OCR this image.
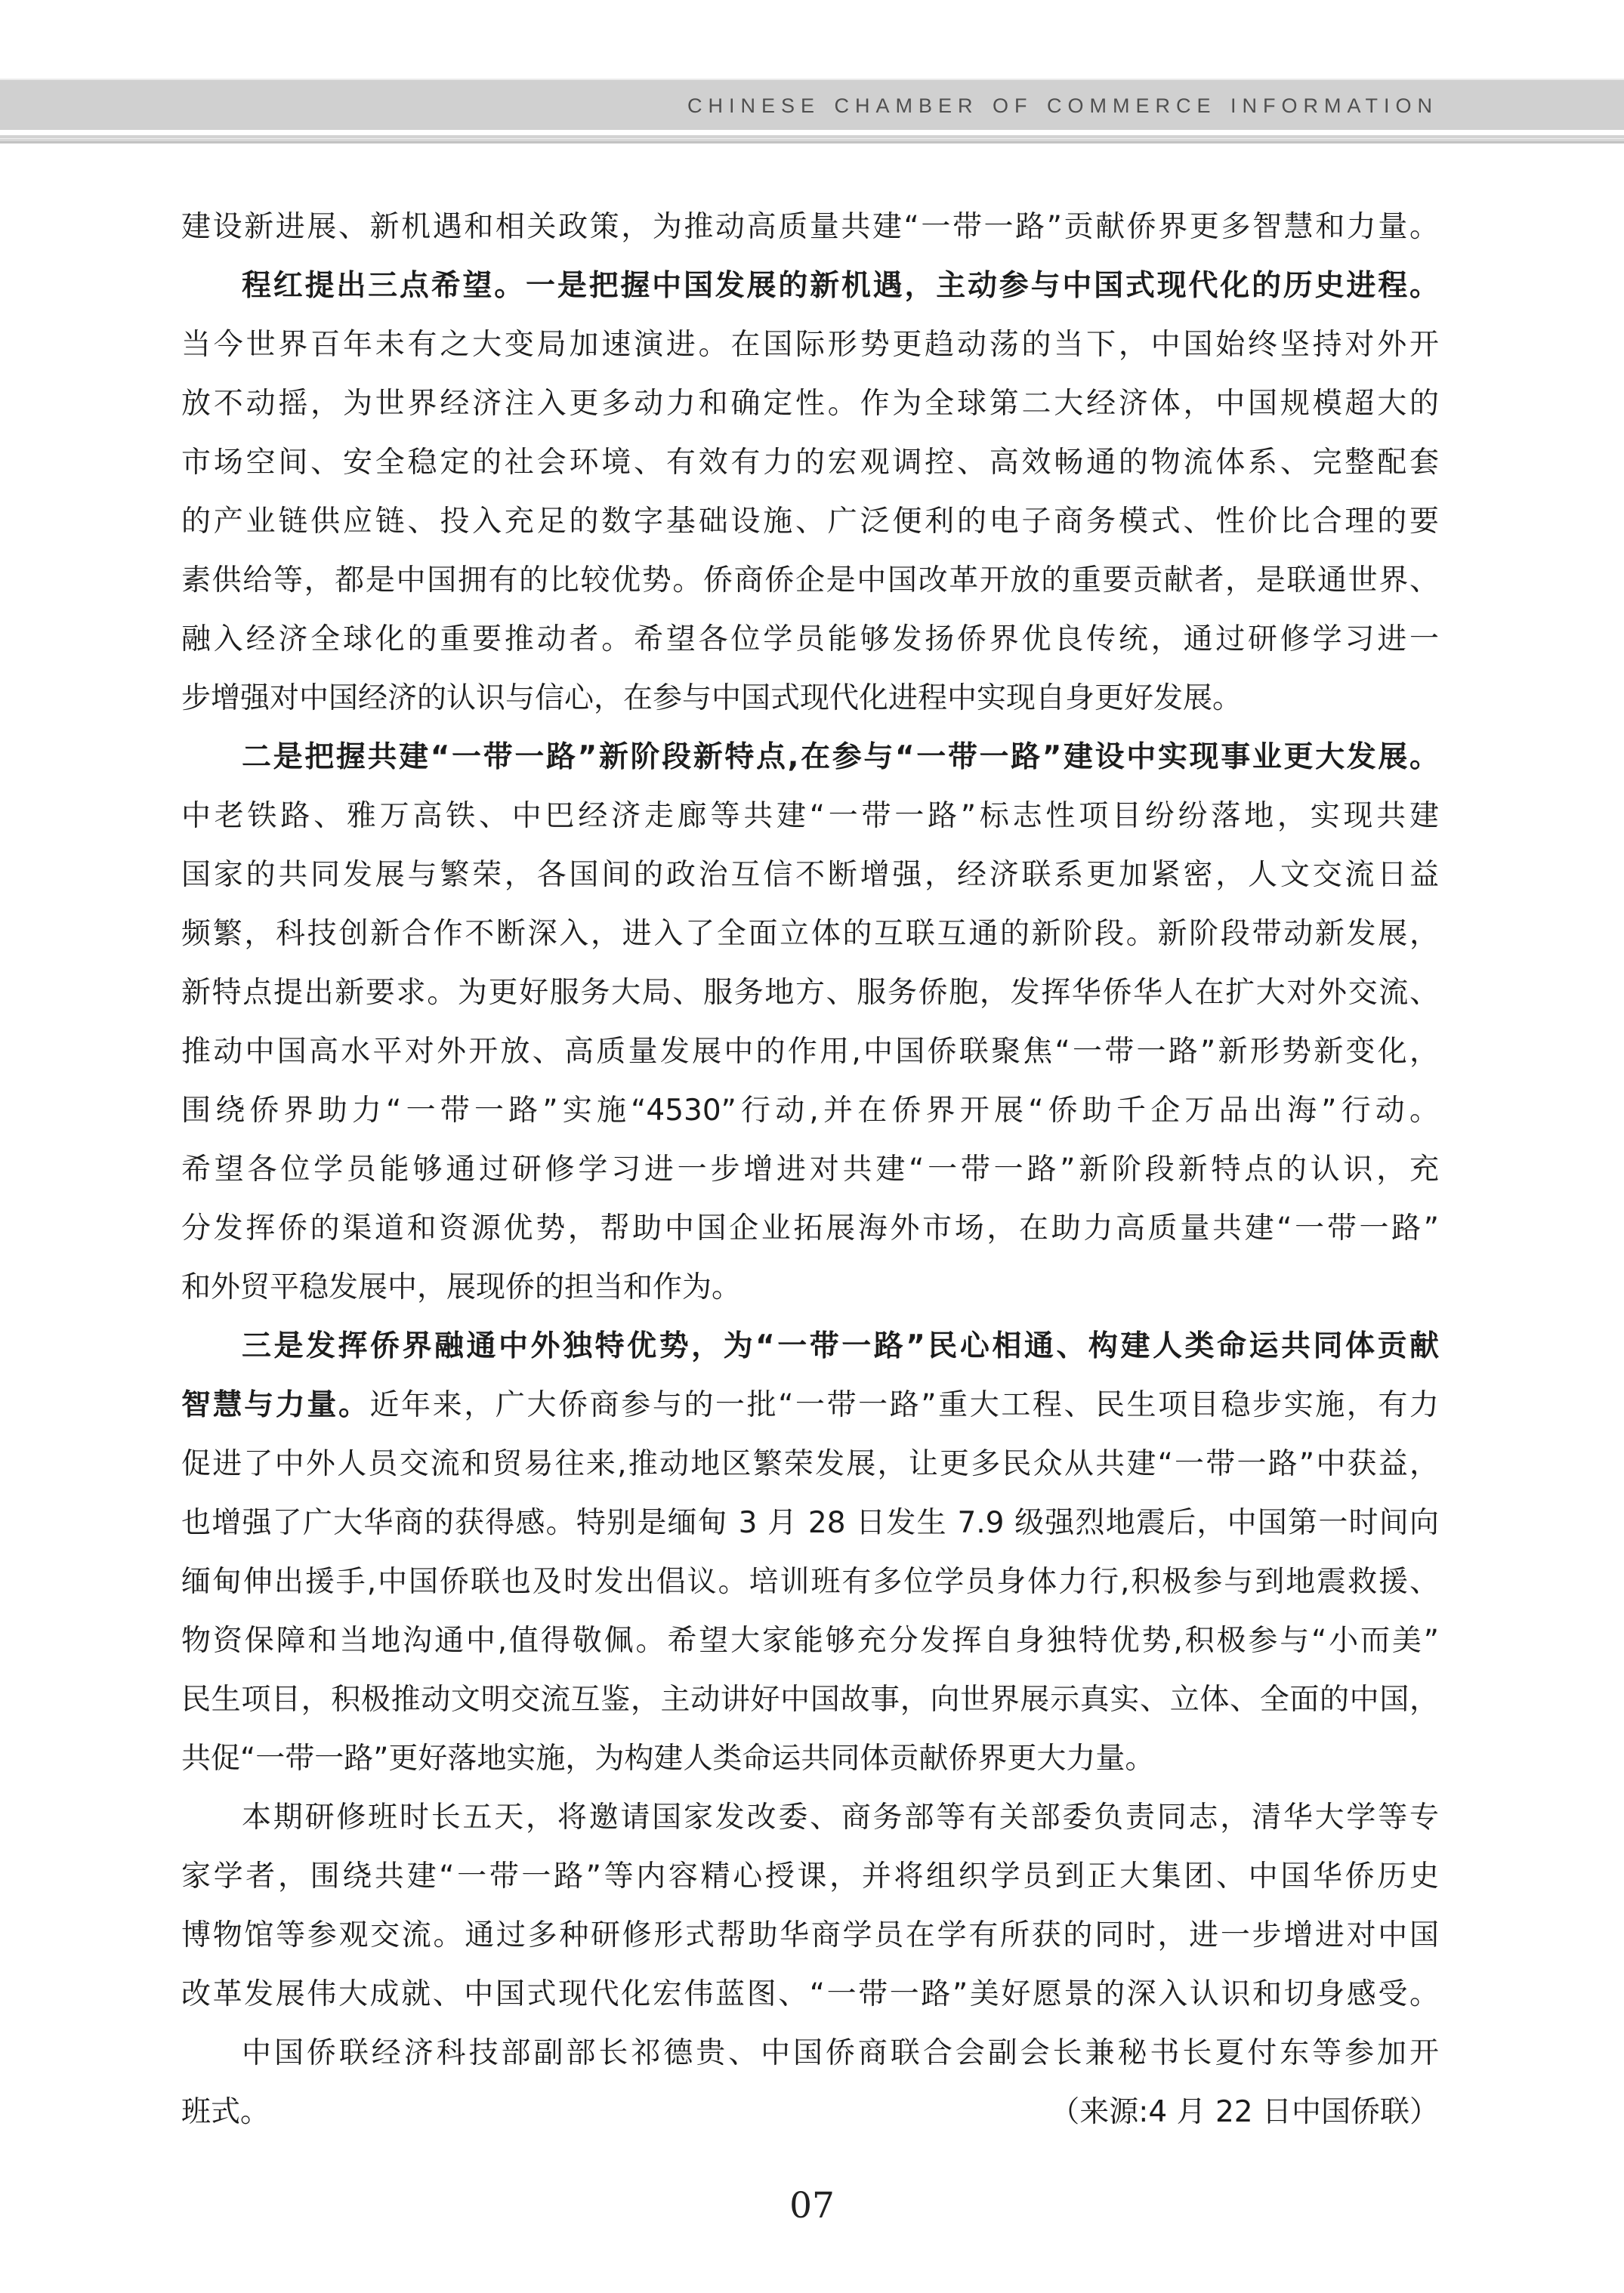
CHINESE CHAMBER OF COMMERCE INFORMATION
建设新进展、新机遇和相关政策，为推动高质量共建“一带一路”贡献侨界更多智慧和力量。
程红提出三点希望。一是把握中国发展的新机遇，主动参与中国式现代化的历史进程。
当今世界百年未有之大变局加速演进。在国际形势更趋动荡的当下，中国始终坚持对外开
放不动摇，为世界经济注入更多动力和确定性。作为全球第二大经济体，中国规模超大的
市场空间、安全稳定的社会环境、有效有力的宏观调控、高效畅通的物流体系、完整配套
的产业链供应链、投入充足的数字基础设施、广泛便利的电子商务模式、性价比合理的要
素供给等，都是中国拥有的比较优势。侨商侨企是中国改革开放的重要贡献者，是联通世界、
融入经济全球化的重要推动者。希望各位学员能够发扬侨界优良传统，通过研修学习进一
步增强对中国经济的认识与信心，在参与中国式现代化进程中实现自身更好发展。
二是把握共建“一带一路”新阶段新特点,在参与“一带一路”建设中实现事业更大发展。
中老铁路、雅万高铁、中巴经济走廊等共建“一带一路”标志性项目纷纷落地，实现共建
国家的共同发展与繁荣，各国间的政治互信不断增强，经济联系更加紧密，人文交流日益
频繁，科技创新合作不断深入，进入了全面立体的互联互通的新阶段。新阶段带动新发展，
新特点提出新要求。为更好服务大局、服务地方、服务侨胞，发挥华侨华人在扩大对外交流、
推动中国高水平对外开放、高质量发展中的作用,中国侨联聚焦“一带一路”新形势新变化，
围绕侨界助力“一带一路”实施“4530”行动,并在侨界开展“侨助千企万品出海”行动。
希望各位学员能够通过研修学习进一步增进对共建“一带一路”新阶段新特点的认识，充
分发挥侨的渠道和资源优势，帮助中国企业拓展海外市场，在助力高质量共建“一带一路”
和外贸平稳发展中，展现侨的担当和作为。
三是发挥侨界融通中外独特优势，为“一带一路”民心相通、构建人类命运共同体贡献
智慧与力量。近年来，广大侨商参与的一批“一带一路”重大工程、民生项目稳步实施，有力
促进了中外人员交流和贸易往来,推动地区繁荣发展，让更多民众从共建“一带一路”中获益，
也增强了广大华商的获得感。特别是缅甸 3 月 28 日发生 7.9 级强烈地震后，中国第一时间向
缅甸伸出援手,中国侨联也及时发出倡议。培训班有多位学员身体力行,积极参与到地震救援、
物资保障和当地沟通中,值得敬佩。希望大家能够充分发挥自身独特优势,积极参与“小而美”
民生项目，积极推动文明交流互鉴，主动讲好中国故事，向世界展示真实、立体、全面的中国，
共促“一带一路”更好落地实施，为构建人类命运共同体贡献侨界更大力量。
本期研修班时长五天，将邀请国家发改委、商务部等有关部委负责同志，清华大学等专
家学者，围绕共建“一带一路”等内容精心授课，并将组织学员到正大集团、中国华侨历史
博物馆等参观交流。通过多种研修形式帮助华商学员在学有所获的同时，进一步增进对中国
改革发展伟大成就、中国式现代化宏伟蓝图、“一带一路”美好愿景的深入认识和切身感受。
中国侨联经济科技部副部长祁德贵、中国侨商联合会副会长兼秘书长夏付东等参加开
班式。	（来源:4 月 22 日中国侨联）
07
